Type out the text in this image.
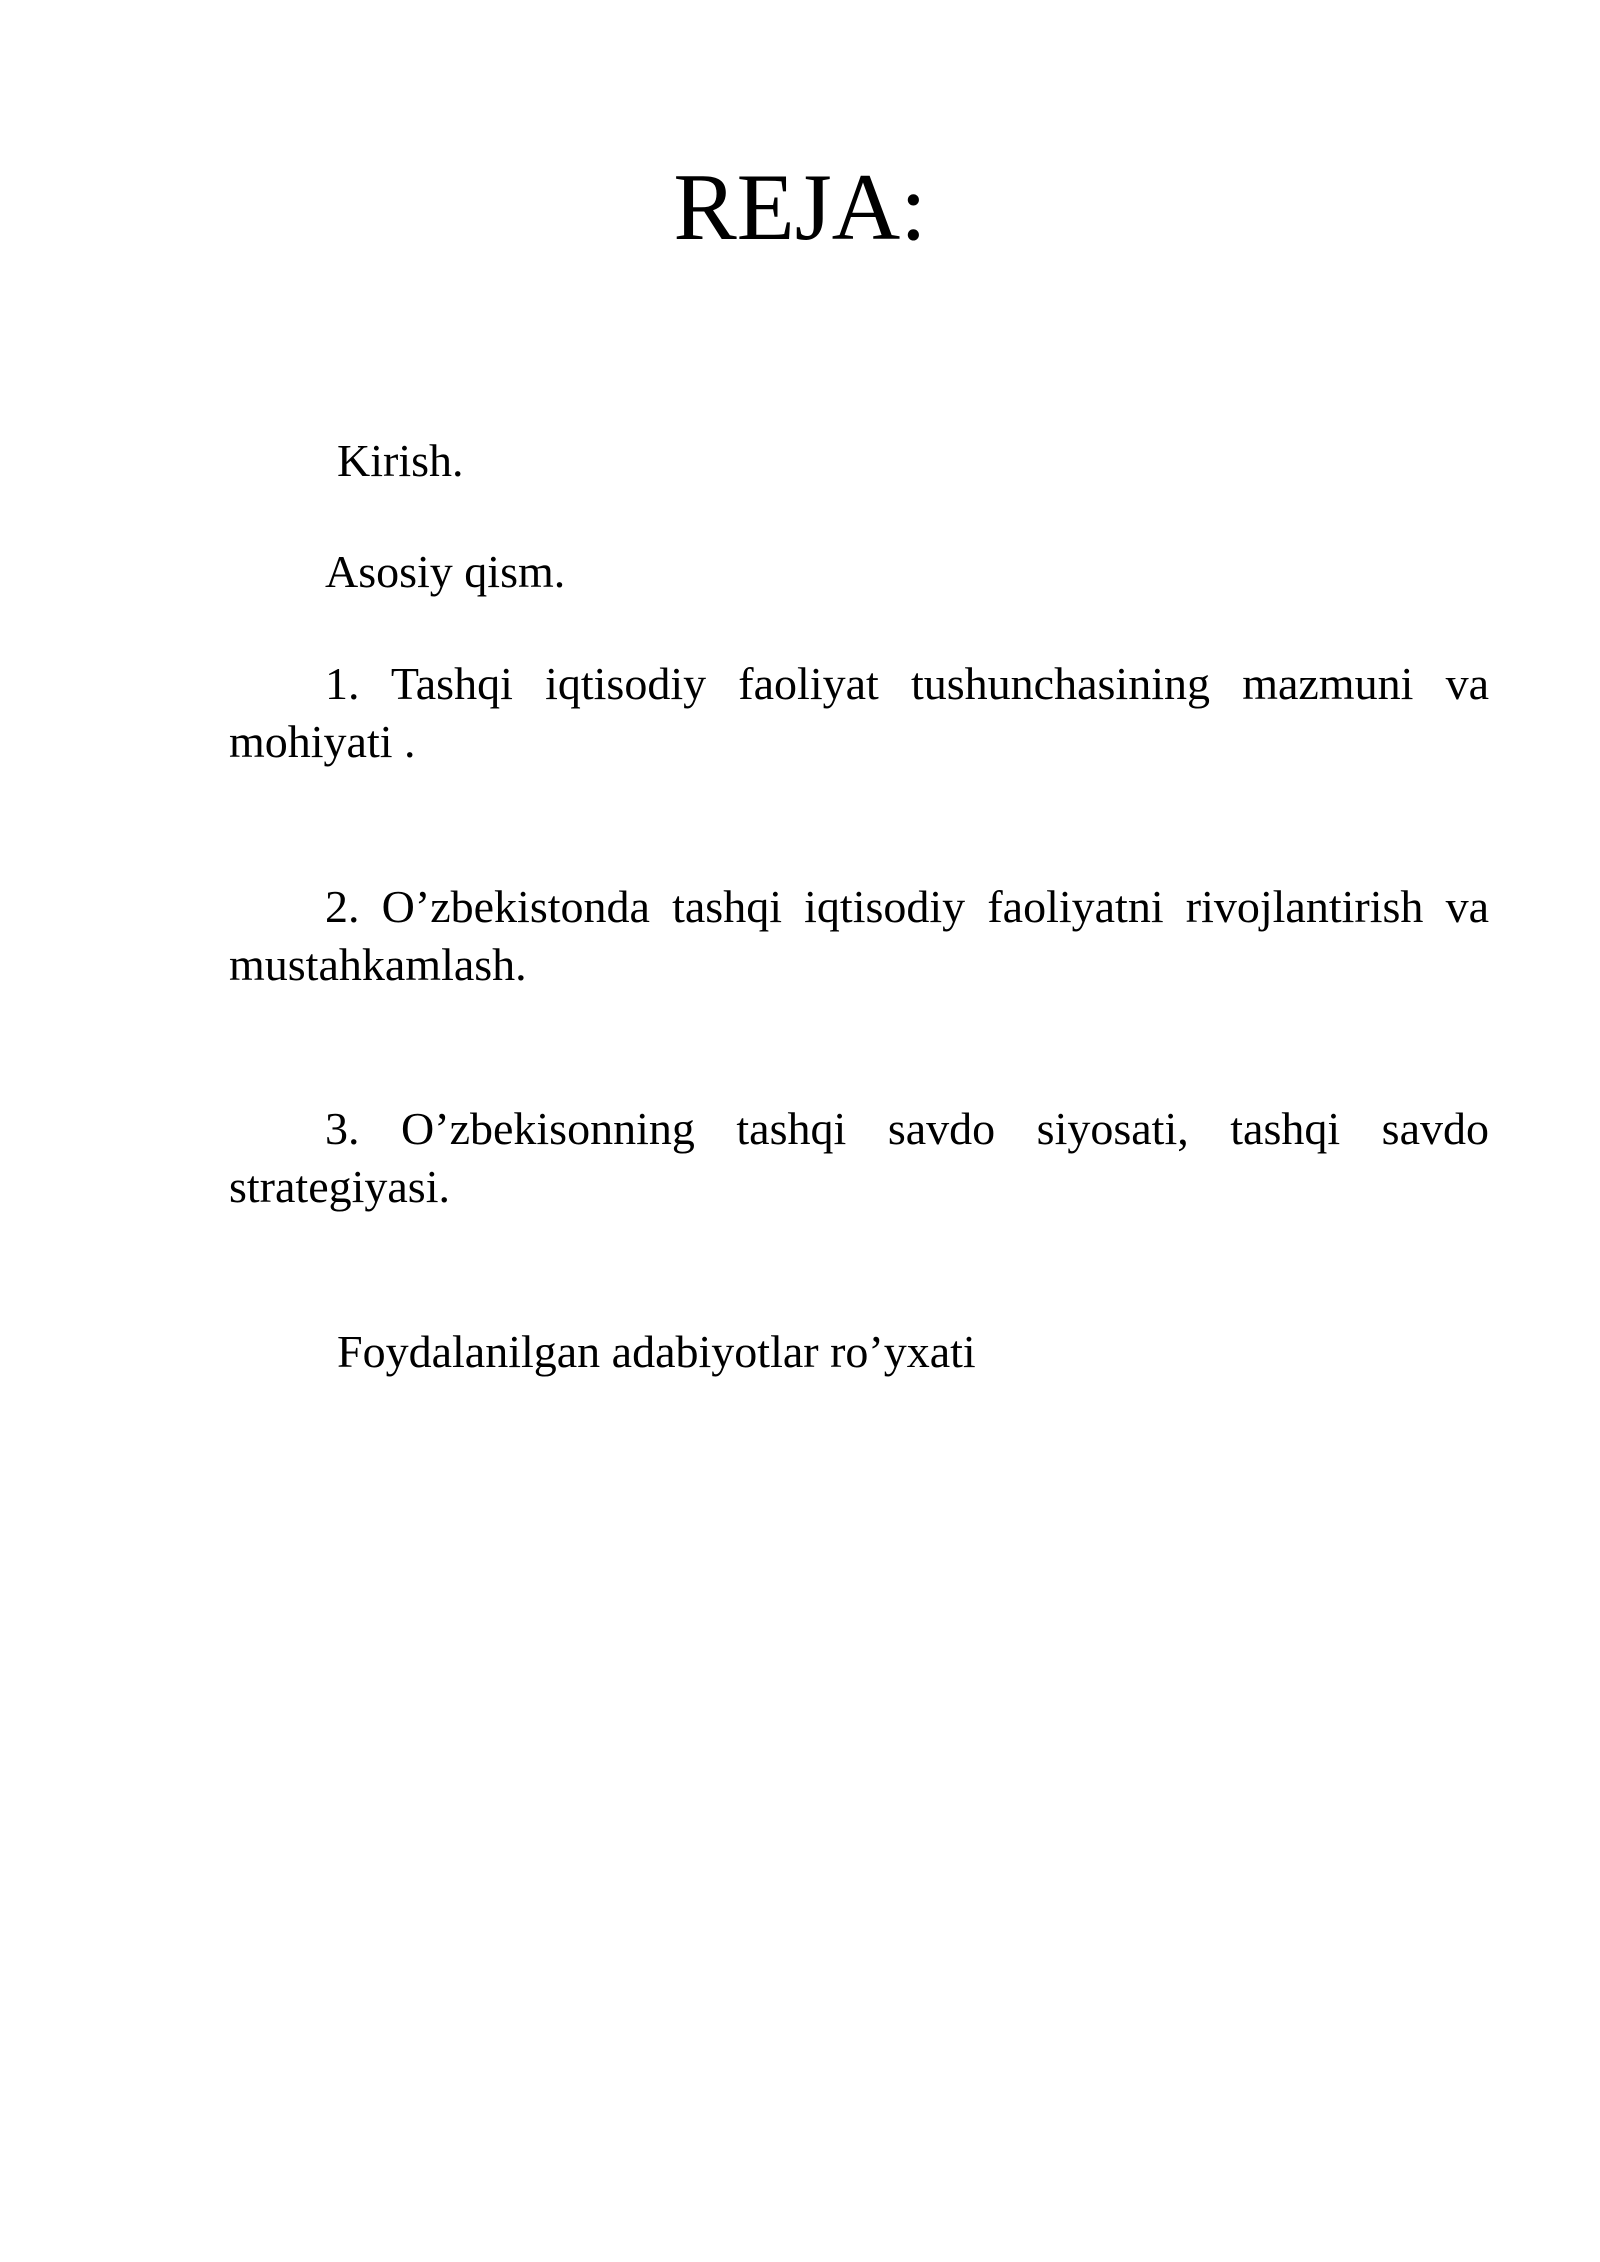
REJA:
Kirish.
Asosiy qism.
1. Tashqi iqtisodiy faoliyat tushunchasining mazmuni va mohiyati .
2. O’zbekistonda tashqi iqtisodiy faoliyatni rivojlantirish va mustahkamlash.
3. O’zbekisonning tashqi savdo siyosati, tashqi savdo strategiyasi.
Foydalanilgan adabiyotlar ro’yxati
